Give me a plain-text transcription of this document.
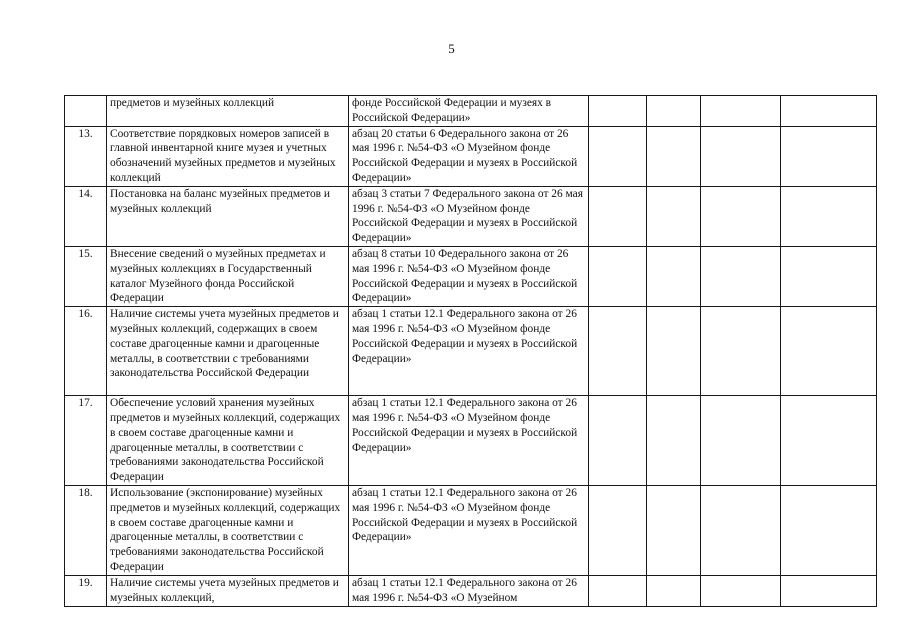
5
	предметов и музейных коллекций	фонде Российской Федерации и музеях в Российской Федерации»				
13.	Соответствие порядковых номеров записей в главной инвентарной книге музея и учетных обозначений музейных предметов и музейных коллекций	абзац 20 статьи 6 Федерального закона от 26 мая 1996 г. №54-ФЗ «О Музейном фонде Российской Федерации и музеях в Российской Федерации»				
14.	Постановка на баланс музейных предметов и музейных коллекций	абзац 3 статьи 7 Федерального закона от 26 мая 1996 г. №54-ФЗ «О Музейном фонде Российской Федерации и музеях в Российской Федерации»				
15.	Внесение сведений о музейных предметах и музейных коллекциях в Государственный каталог Музейного фонда Российской Федерации	абзац 8 статьи 10 Федерального закона от 26 мая 1996 г. №54-ФЗ «О Музейном фонде Российской Федерации и музеях в Российской Федерации»				
16.	Наличие системы учета музейных предметов и музейных коллекций, содержащих в своем составе драгоценные камни и драгоценные металлы, в соответствии с требованиями законодательства Российской Федерации	абзац 1 статьи 12.1 Федерального закона от 26 мая 1996 г. №54-ФЗ «О Музейном фонде Российской Федерации и музеях в Российской Федерации»				
17.	Обеспечение условий хранения музейных предметов и музейных коллекций, содержащих в своем составе драгоценные камни и драгоценные металлы, в соответствии с требованиями законодательства Российской Федерации	абзац 1 статьи 12.1 Федерального закона от 26 мая 1996 г. №54-ФЗ «О Музейном фонде Российской Федерации и музеях в Российской Федерации»				
18.	Использование (экспонирование) музейных предметов и музейных коллекций, содержащих в своем составе драгоценные камни и драгоценные металлы, в соответствии с требованиями законодательства Российской Федерации	абзац 1 статьи 12.1 Федерального закона от 26 мая 1996 г. №54-ФЗ «О Музейном фонде Российской Федерации и музеях в Российской Федерации»				
19.	Наличие системы учета музейных предметов и музейных коллекций,	абзац 1 статьи 12.1 Федерального закона от 26 мая 1996 г. №54-ФЗ «О Музейном				
